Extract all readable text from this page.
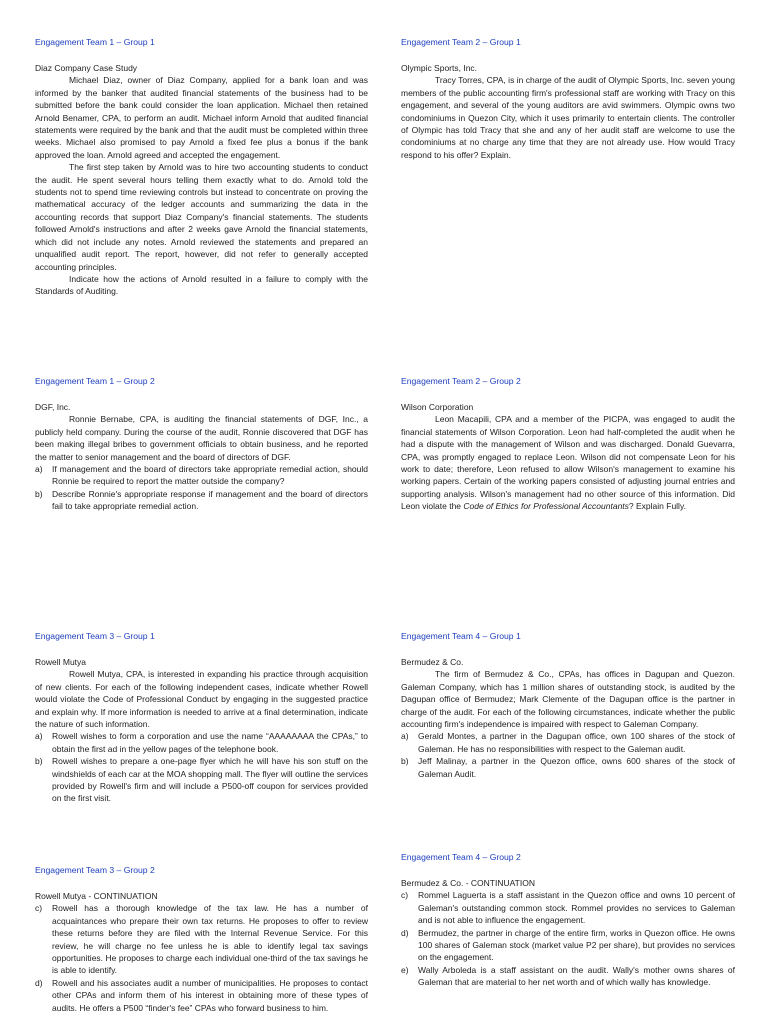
Engagement Team 1 – Group 1
Diaz Company Case Study

Michael Diaz, owner of Diaz Company, applied for a bank loan and was informed by the banker that audited financial statements of the business had to be submitted before the bank could consider the loan application. Michael then retained Arnold Benamer, CPA, to perform an audit. Michael inform Arnold that audited financial statements were required by the bank and that the audit must be completed within three weeks. Michael also promised to pay Arnold a fixed fee plus a bonus if the bank approved the loan. Arnold agreed and accepted the engagement.

The first step taken by Arnold was to hire two accounting students to conduct the audit. He spent several hours telling them exactly what to do. Arnold told the students not to spend time reviewing controls but instead to concentrate on proving the mathematical accuracy of the ledger accounts and summarizing the data in the accounting records that support Diaz Company's financial statements. The students followed Arnold's instructions and after 2 weeks gave Arnold the financial statements, which did not include any notes. Arnold reviewed the statements and prepared an unqualified audit report. The report, however, did not refer to generally accepted accounting principles.

Indicate how the actions of Arnold resulted in a failure to comply with the Standards of Auditing.

Engagement Team 2 – Group 1
Olympic Sports, Inc.

Tracy Torres, CPA, is in charge of the audit of Olympic Sports, Inc. seven young members of the public accounting firm's professional staff are working with Tracy on this engagement, and several of the young auditors are avid swimmers. Olympic owns two condominiums in Quezon City, which it uses primarily to entertain clients. The controller of Olympic has told Tracy that she and any of her audit staff are welcome to use the condominiums at no charge any time that they are not already use. How would Tracy respond to his offer? Explain.

Engagement Team 1 – Group 2
DGF, Inc.

Ronnie Bernabe, CPA, is auditing the financial statements of DGF, Inc., a publicly held company. During the course of the audit, Ronnie discovered that DGF has been making illegal bribes to government officials to obtain business, and he reported the matter to senior management and the board of directors of DGF.

a)	If management and the board of directors take appropriate remedial action, should Ronnie be required to report the matter outside the company?
b)	Describe Ronnie's appropriate response if management and the board of directors fail to take appropriate remedial action.
Engagement Team 2 – Group 2
Wilson Corporation

Leon Macapili, CPA and a member of the PICPA, was engaged to audit the financial statements of Wilson Corporation. Leon had half-completed the audit when he had a dispute with the management of Wilson and was discharged. Donald Guevarra, CPA, was promptly engaged to replace Leon. Wilson did not compensate Leon for his work to date; therefore, Leon refused to allow Wilson's management to examine his working papers. Certain of the working papers consisted of adjusting journal entries and supporting analysis. Wilson's management had no other source of this information. Did Leon violate the Code of Ethics for Professional Accountants? Explain Fully.

Engagement Team 3 – Group 1
Rowell Mutya

Rowell Mutya, CPA, is interested in expanding his practice through acquisition of new clients. For each of the following independent cases, indicate whether Rowell would violate the Code of Professional Conduct by engaging in the suggested practice and explain why. If more information is needed to arrive at a final determination, indicate the nature of such information.

a)	Rowell wishes to form a corporation and use the name “AAAAAAAA the CPAs,” to obtain the first ad in the yellow pages of the telephone book.
b)	Rowell wishes to prepare a one-page flyer which he will have his son stuff on the windshields of each car at the MOA shopping mall. The flyer will outline the services provided by Rowell's firm and will include a P500-off coupon for services provided on the first visit.
Engagement Team 4 – Group 1
Bermudez & Co.

The firm of Bermudez & Co., CPAs, has offices in Dagupan and Quezon. Galeman Company, which has 1 million shares of outstanding stock, is audited by the Dagupan office of Bermudez; Mark Clemente of the Dagupan office is the partner in charge of the audit. For each of the following circumstances, indicate whether the public accounting firm's independence is impaired with respect to Galeman Company.

a)	Gerald Montes, a partner in the Dagupan office, own 100 shares of the stock of Galeman. He has no responsibilities with respect to the Galeman audit.
b)	Jeff Malinay, a partner in the Quezon office, owns 600 shares of the stock of Galeman Audit.
Engagement Team 3 – Group 2
Rowell Mutya - CONTINUATION
c)	Rowell has a thorough knowledge of the tax law. He has a number of acquaintances who prepare their own tax returns. He proposes to offer to review these returns before they are filed with the Internal Revenue Service. For this review, he will charge no fee unless he is able to identify legal tax savings opportunities. He proposes to charge each individual one-third of the tax savings he is able to identify.
d)	Rowell and his associates audit a number of municipalities. He proposes to contact other CPAs and inform them of his interest in obtaining more of these types of audits. He offers a P500 “finder's fee” CPAs who forward business to him.
Engagement Team 4 – Group 2
Bermudez & Co. - CONTINUATION
c)	Rommel Laguerta is a staff assistant in the Quezon office and owns 10 percent of Galeman's outstanding common stock. Rommel provides no services to Galeman and is not able to influence the engagement.
d)	Bermudez, the partner in charge of the entire firm, works in Quezon office. He owns 100 shares of Galeman stock (market value P2 per share), but provides no services on the engagement.
e)	Wally Arboleda is a staff assistant on the audit. Wally's mother owns shares of Galeman that are material to her net worth and of which wally has knowledge.
